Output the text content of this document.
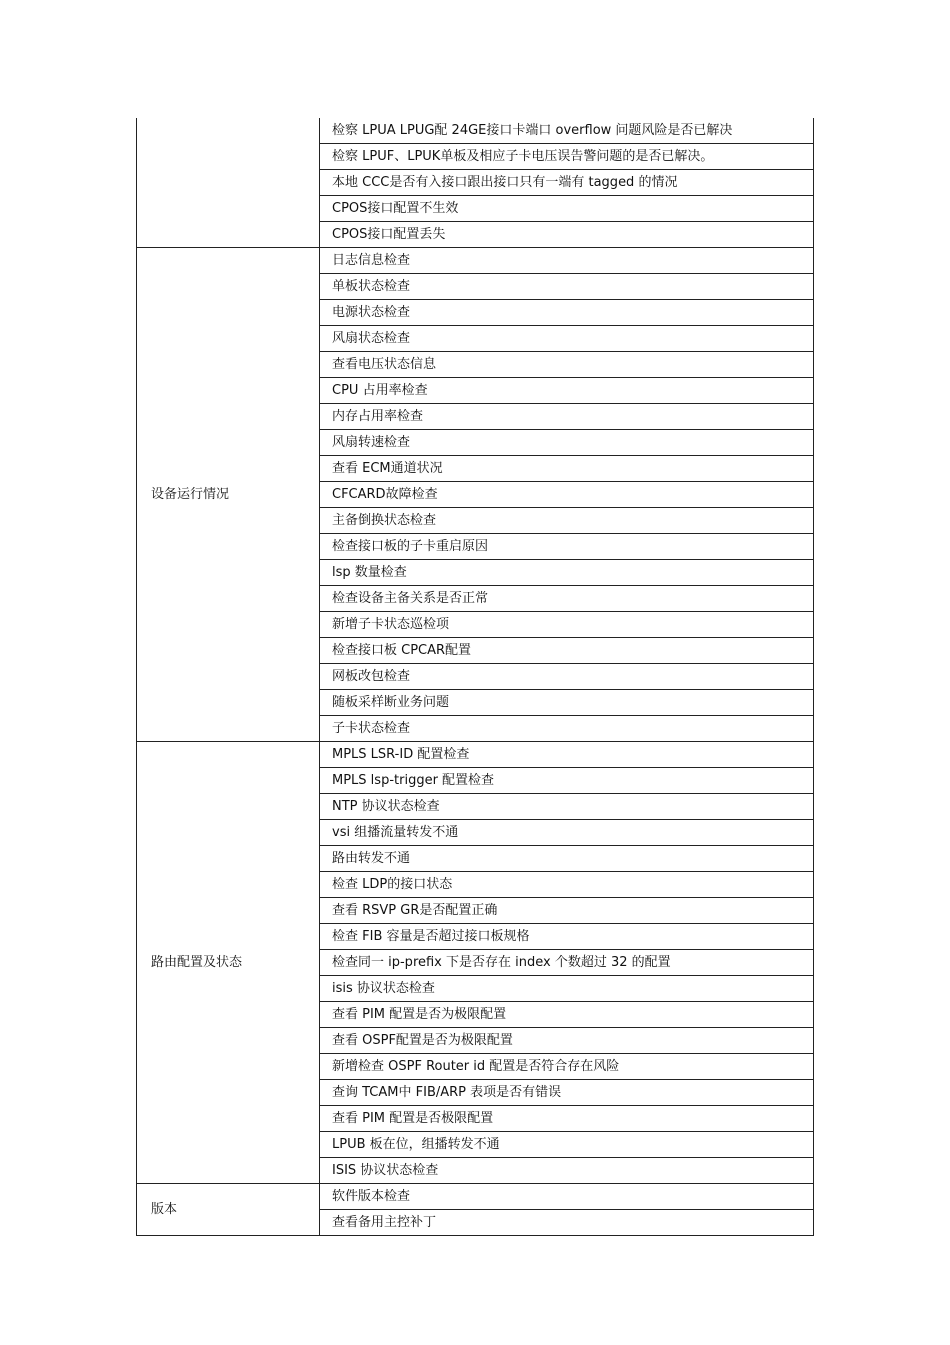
	检察 LPUA LPUG配 24GE接口卡端口 overflow 问题风险是否已解决
	检察 LPUF、LPUK单板及相应子卡电压误告警问题的是否已解决。
	本地 CCC是否有入接口跟出接口只有一端有 tagged 的情况
	CPOS接口配置不生效
	CPOS接口配置丢失
设备运行情况	日志信息检查
	单板状态检查
	电源状态检查
	风扇状态检查
	查看电压状态信息
	CPU 占用率检查
	内存占用率检查
	风扇转速检查
	查看 ECM通道状况
	CFCARD故障检查
	主备倒换状态检查
	检查接口板的子卡重启原因
	lsp 数量检查
	检查设备主备关系是否正常
	新增子卡状态巡检项
	检查接口板 CPCAR配置
	网板改包检查
	随板采样断业务问题
	子卡状态检查
路由配置及状态	MPLS LSR-ID 配置检查
	MPLS lsp-trigger 配置检查
	NTP 协议状态检查
	vsi 组播流量转发不通
	路由转发不通
	检查 LDP的接口状态
	查看 RSVP GR是否配置正确
	检查 FIB 容量是否超过接口板规格
	检查同一 ip-prefix 下是否存在 index 个数超过 32 的配置
	isis 协议状态检查
	查看 PIM 配置是否为极限配置
	查看 OSPF配置是否为极限配置
	新增检查 OSPF Router id 配置是否符合存在风险
	查询 TCAM中 FIB/ARP 表项是否有错误
	查看 PIM 配置是否极限配置
	LPUB 板在位，组播转发不通
	ISIS 协议状态检查
版本	软件版本检查
	查看备用主控补丁
